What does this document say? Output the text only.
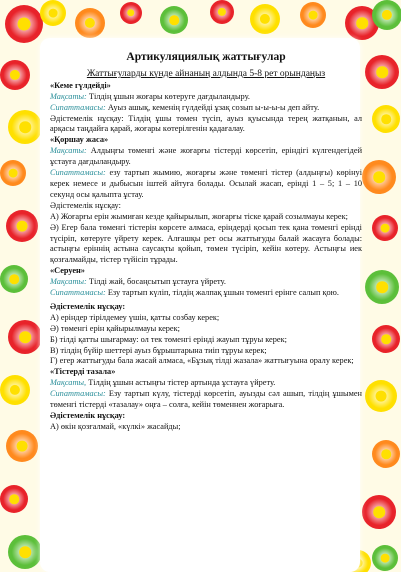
Артикуляциялық жаттығулар
Жаттығуларды күнде айнаның алдында 5-8 рет орындаңыз

«Кеме гүлдейді»

Мақсаты: Тілдің ұшын жоғары көтеруге дағдыландыру.

Сипаттамасы: Ауыз ашық, кеменің гүлдейді ұзақ созып ы-ы-ы-ы деп айту.

Әдістемелік нұсқау: Тілдің ұшы төмен түсіп, ауыз қуысында терең жатқанын, ал арқасы таңдайға қарай, жоғары көтерілгенін қадағалау.

«Қоршау жаса»

Мақсаты: Алдыңғы төменгі және жоғарғы тістерді көрсетіп, еріндігі күлгендегідей ұстауға дағдыландыру.

Сипаттамасы: езу тартып жымию, жоғарғы және төменгі тістер (алдыңғы) көрінуі керек немесе и дыбысын іштей айтуға болады. Осылай жасап, еріндi 1 – 5; 1 – 10 секунд осы қалыпта ұстау.

Әдістемелік нұсқау:

А) Жоғарғы ерін жымиған кезде қайырылып, жоғарғы тiске қарай созылмауы керек;

Ә) Егер бала төменгі тістерін көрсете алмаса, еріндерді қосып тек қана төменгі ерінді түсіріп, көтеруге үйрету керек. Алғашқы рет осы жаттығуды балай жасауға болады: астыңғы еріннiң астына саусақты қойып, төмен түсіріп, кейін көтеру. Астыңғы иек қозғалмайды, тістер түйісіп тұрады.

«Серуен»

Мақсаты: Тілді жай, босаңсытып ұстауға үйрету.

Сипаттамасы: Езу тартып күліп, тiлдiң жалпақ ұшын төменгі ерінге салып қою.

Әдістемелік нұсқау:

А) ерiндер тiрiлдемеу үшін, қатты созбау керек;

Ә) төменгі ерін қайырылмауы керек;

Б) тiлдi қатты шығармау: ол тек төменгі ерінді жауып тұруы керек;

В) тiлдiң бүйір шеттері ауыз бұрыштарына тиіп тұруы керек;

Г) егер жаттығуды бала жасай алмаса, «Бұзық тiлдi жазала» жаттығуына оралу керек;

«Тістерді тазала»

Мақсаты, Тiлдiң ұшын астыңғы тістер артында ұстауға үйрету.

Сипаттамасы: Езу тартып күлу, тістерді көрсетiп, ауызды сәл ашып, тілдің ұшымен төменгі тістерді «тазалау» оңға – солға, кейін төменнен жоғарыға.

Әдістемелік нұсқау:

А) өкiн қозғалмай, «күлкi» жасайды;
